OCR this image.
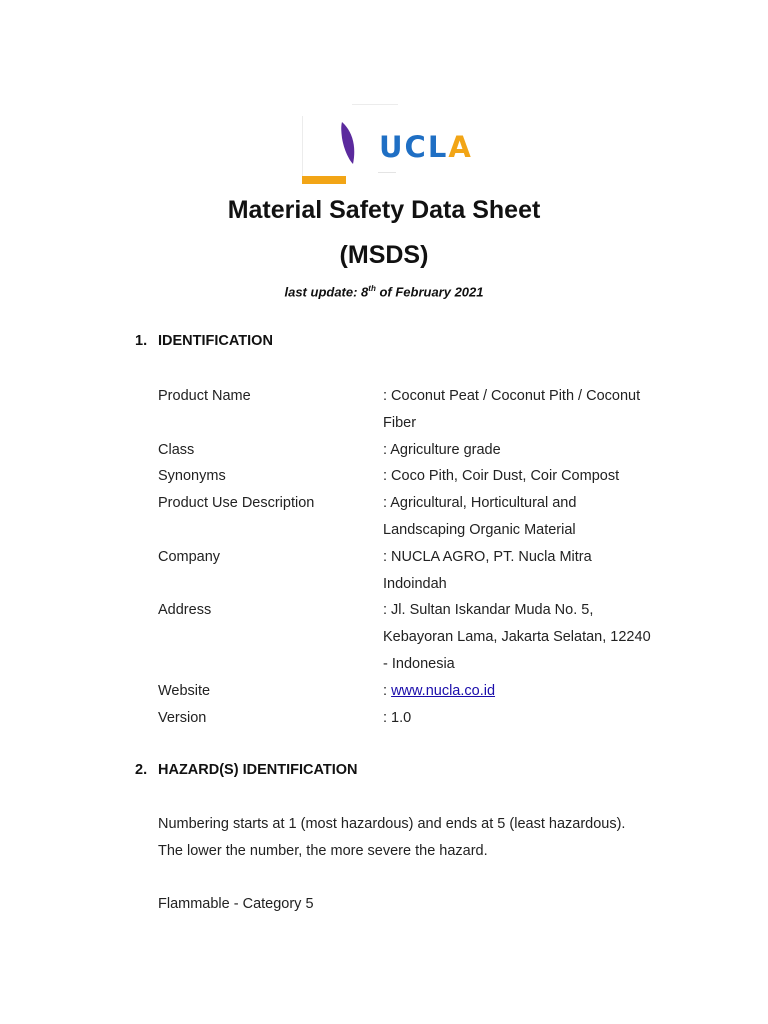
UCLA
Material Safety Data Sheet
(MSDS)
last update: 8th of February 2021
1. IDENTIFICATION
Product Name	: Coconut Peat / Coconut Pith / Coconut Fiber
Class	: Agriculture grade
Synonyms	: Coco Pith, Coir Dust, Coir Compost
Product Use Description	: Agricultural, Horticultural and Landscaping Organic Material
Company	: NUCLA AGRO, PT. Nucla Mitra Indoindah
Address	: Jl. Sultan Iskandar Muda No. 5, Kebayoran Lama, Jakarta Selatan, 12240 - Indonesia
Website	: www.nucla.co.id
Version	: 1.0
2. HAZARD(S) IDENTIFICATION
Numbering starts at 1 (most hazardous) and ends at 5 (least hazardous).
The lower the number, the more severe the hazard.
Flammable - Category 5
